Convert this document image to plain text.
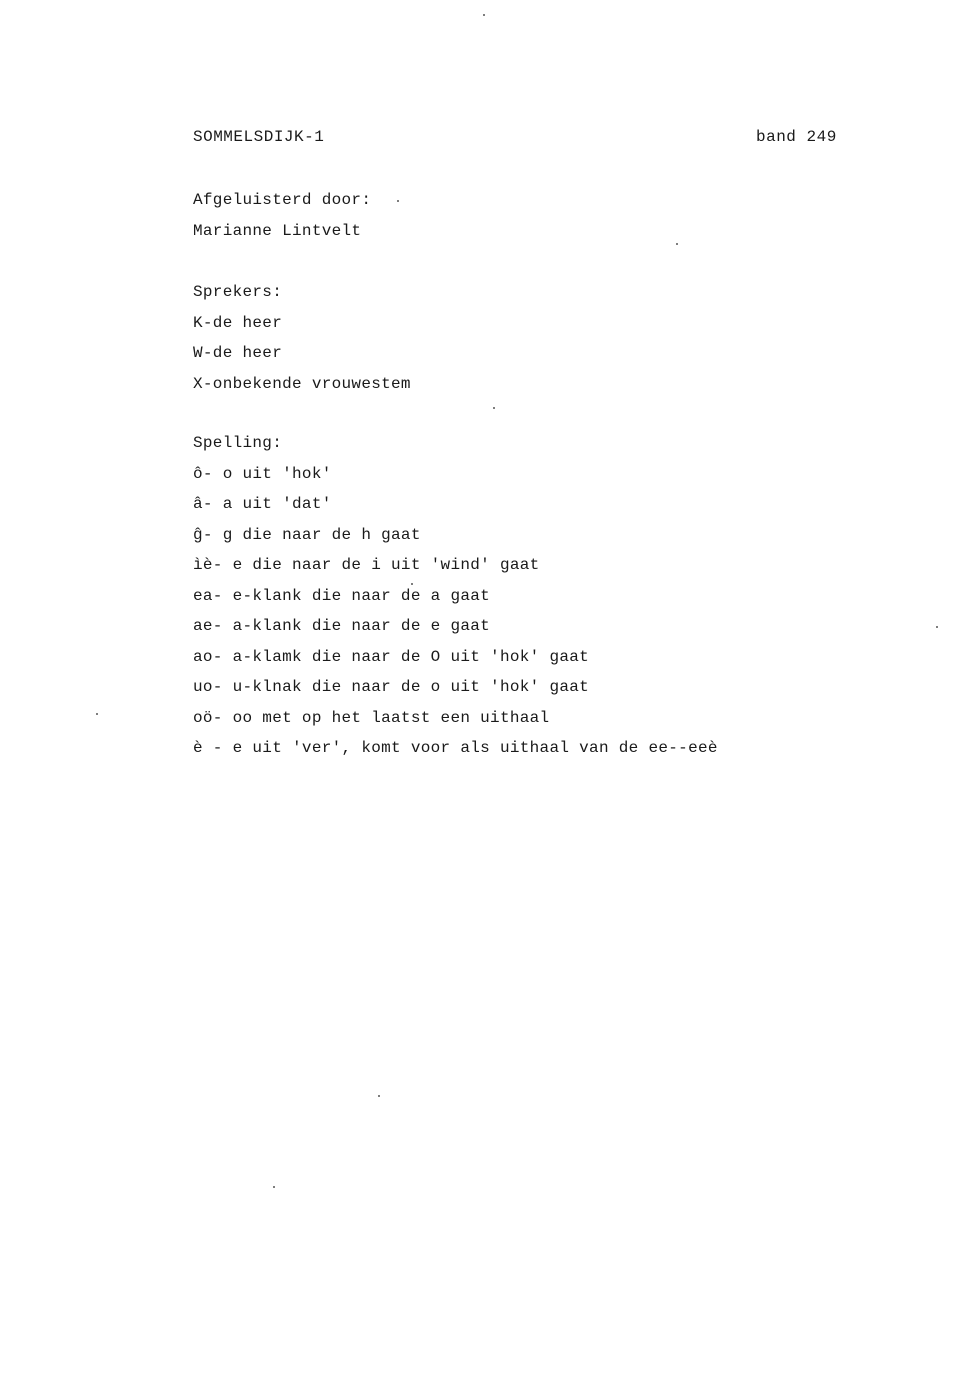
SOMMELSDIJK-1	band 249
Afgeluisterd door:
Marianne Lintvelt
Sprekers:
K-de heer
W-de heer
X-onbekende vrouwestem
Spelling:
ô- o uit 'hok'
â- a uit 'dat'
ĝ- g die naar de h gaat
ìè- e die naar de i uit 'wind' gaat
ea- e-klank die naar de a gaat
ae- a-klank die naar de e gaat
ao- a-klamk die naar de O uit 'hok' gaat
uo- u-klnak die naar de o uit 'hok' gaat
oö- oo met op het laatst een uithaal
è - e uit 'ver', komt voor als uithaal van de ee--eeè
